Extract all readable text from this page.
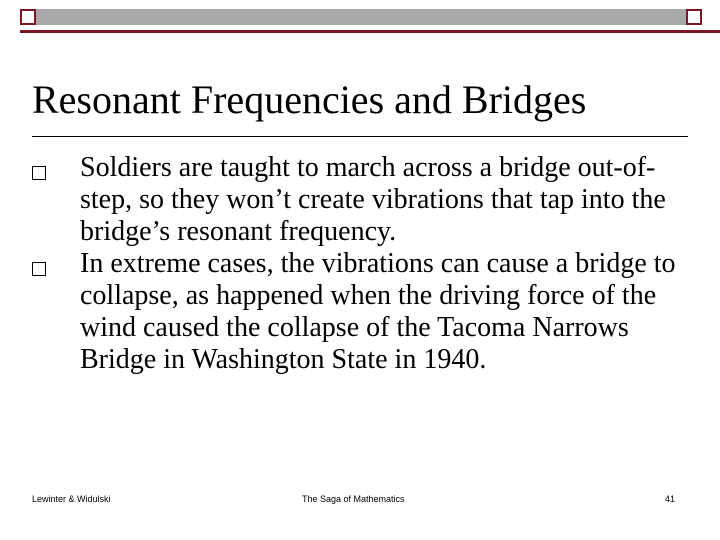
Resonant Frequencies and Bridges
Soldiers are taught to march across a bridge out-of-step, so they won’t create vibrations that tap into the bridge’s resonant frequency.
In extreme cases, the vibrations can cause a bridge to collapse, as happened when the driving force of the wind caused the collapse of the Tacoma Narrows Bridge in Washington State in 1940.
Lewinter & Widulski	The Saga of Mathematics	41
